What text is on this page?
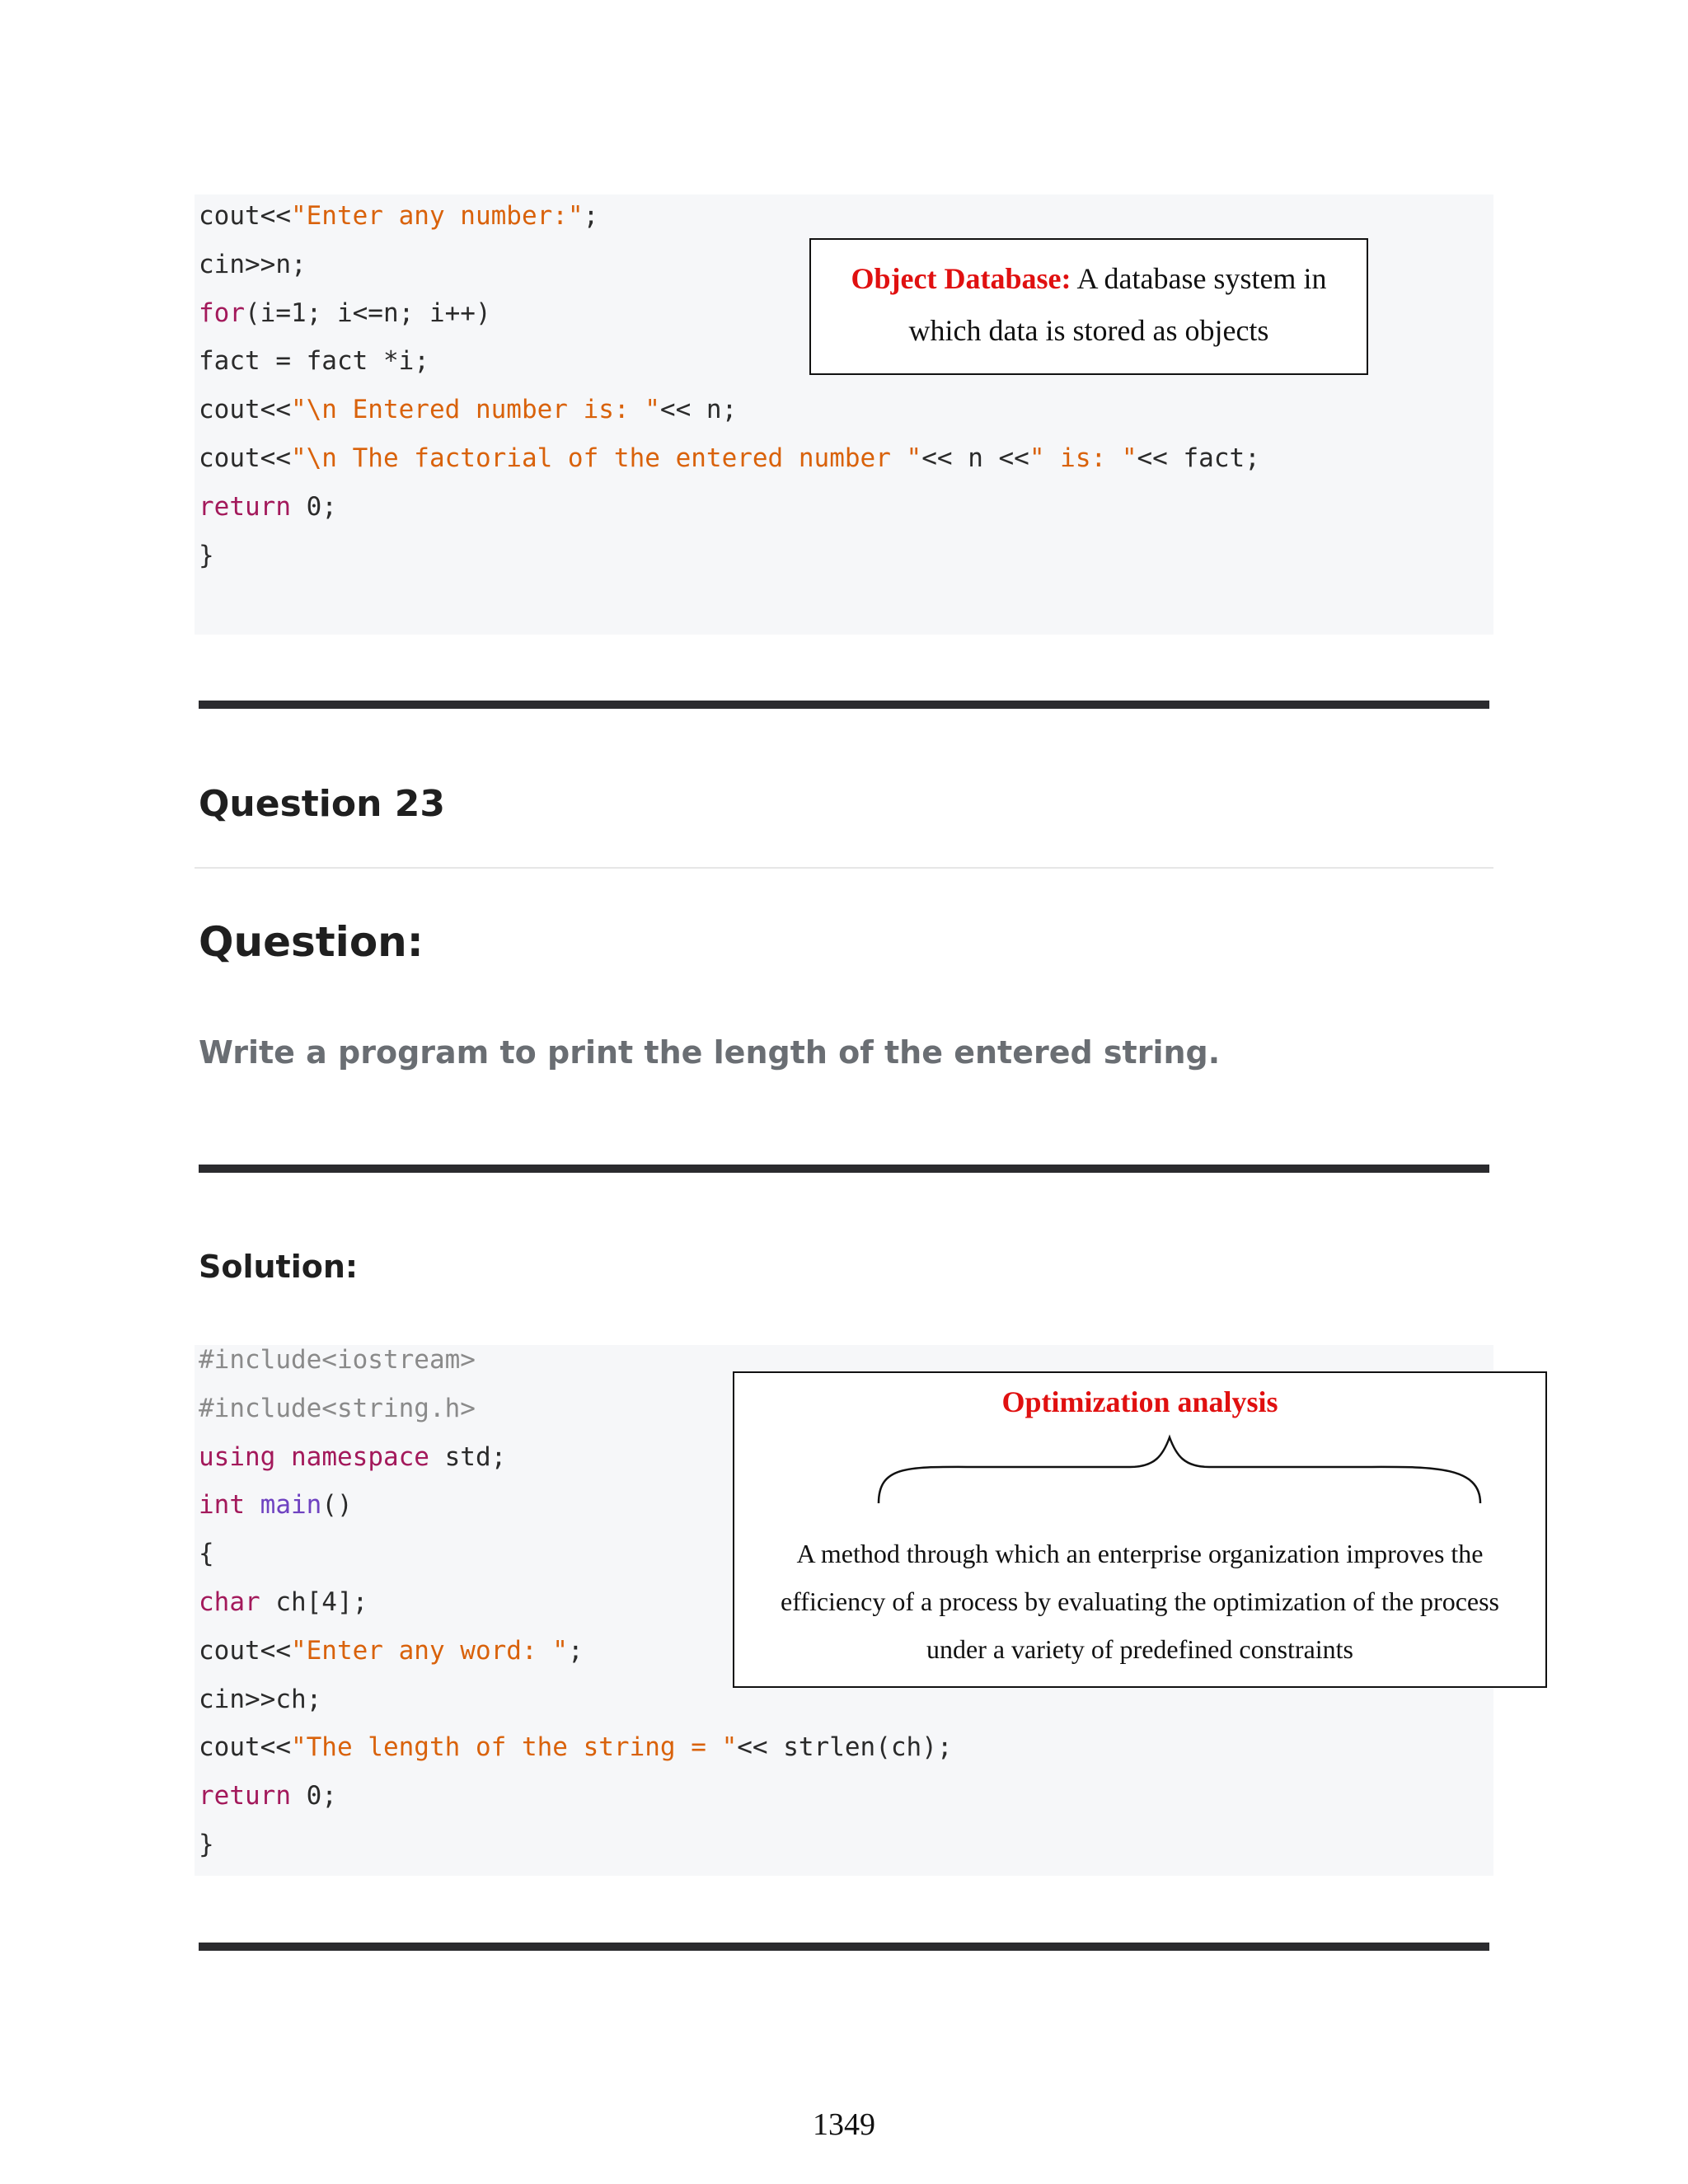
cout<<"Enter any number:";
cin>>n;
for(i=1; i<=n; i++)
fact = fact *i;
cout<<"\n Entered number is: "<< n;
cout<<"\n The factorial of the entered number "<< n <<" is: "<< fact;
return 0;
}
Object Database: A database system in
which data is stored as objects
Question 23
Question:
Write a program to print the length of the entered string.
Solution:
#include<iostream>
#include<string.h>
using namespace std;
int main()
{
char ch[4];
cout<<"Enter any word: ";
cin>>ch;
cout<<"The length of the string = "<< strlen(ch);
return 0;
}
Optimization analysis
A method through which an enterprise organization improves the
efficiency of a process by evaluating the optimization of the process
under a variety of predefined constraints
1349
